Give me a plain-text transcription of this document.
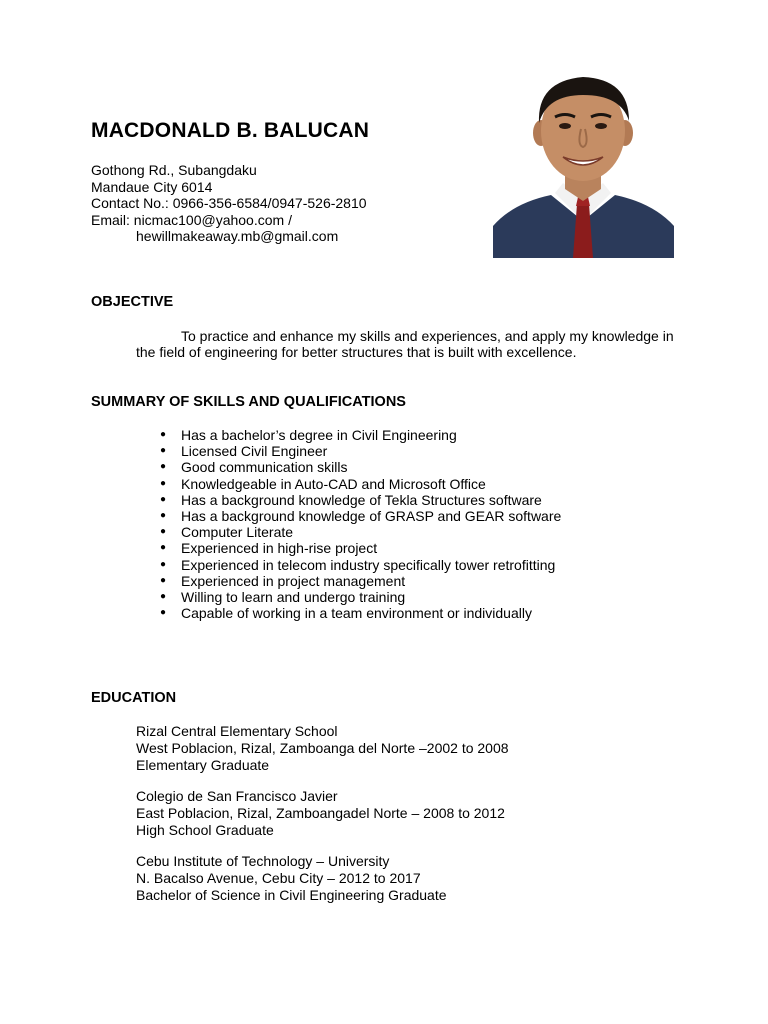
MACDONALD B. BALUCAN
Gothong Rd., Subangdaku
Mandaue City 6014
Contact No.: 0966-356-6584/0947-526-2810
Email: nicmac100@yahoo.com /
hewillmakeaway.mb@gmail.com
OBJECTIVE

To practice and enhance my skills and experiences, and apply my knowledge in the field of engineering for better structures that is built with excellence.

SUMMARY OF SKILLS AND QUALIFICATIONS
● Has a bachelor’s degree in Civil Engineering
● Licensed Civil Engineer
● Good communication skills
● Knowledgeable in Auto-CAD and Microsoft Office
● Has a background knowledge of Tekla Structures software
● Has a background knowledge of GRASP and GEAR software
● Computer Literate
● Experienced in high-rise project
● Experienced in telecom industry specifically tower retrofitting
● Experienced in project management
● Willing to learn and undergo training
● Capable of working in a team environment or individually
EDUCATION
Rizal Central Elementary School
West Poblacion, Rizal, Zamboanga del Norte –2002 to 2008
Elementary Graduate
Colegio de San Francisco Javier
East Poblacion, Rizal, Zamboangadel Norte – 2008 to 2012
High School Graduate
Cebu Institute of Technology – University
N. Bacalso Avenue, Cebu City – 2012 to 2017
Bachelor of Science in Civil Engineering Graduate
